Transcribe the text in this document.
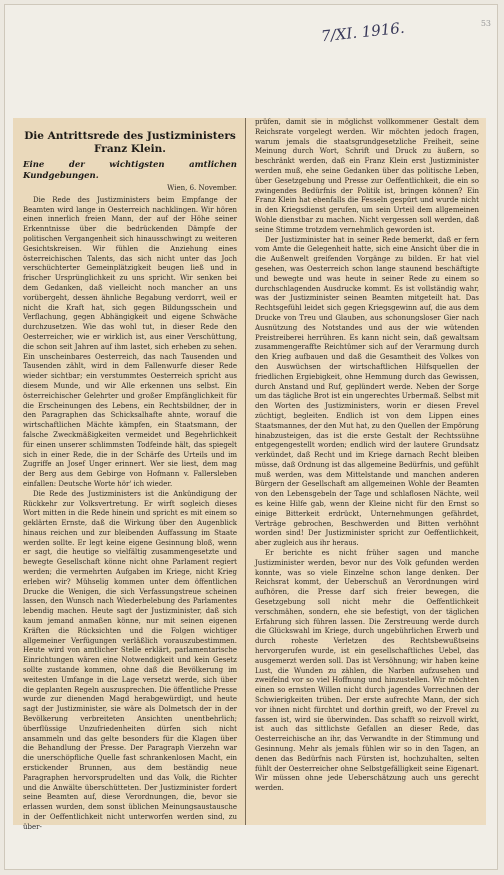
7/XI. 1916.	53
Die Antrittsrede des Justizministers
Franz Klein.
Eine der wichtigsten amtlichen Kundgebungen.
Wien, 6. November.

Die Rede des Justizministers beim Empfange der Beamten wird lange in Oesterreich nachklingen. Wir hören einen innerlich freien Mann, der auf der Höhe seiner Erkenntnisse über die bedrückenden Dämpfe der politischen Vergangenheit sich hinausschwingt zu weiteren Gesichtskreisen. Wir fühlen die Anziehung eines österreichischen Talents, das sich nicht unter das Joch verschüchterter Gemeinplätzigkeit beugen ließ und in frischer Ursprünglichkeit zu uns spricht. Wir senken bei dem Gedanken, daß vielleicht noch mancher an uns vorübergeht, dessen ähnliche Begabung verdorrt, weil er nicht die Kraft hat, sich gegen Bildungsschein und Verflachung, gegen Abhängigkeit und eigene Schwäche durchzusetzen. Wie das wohl tut, in dieser Rede den Oesterreicher, wie er wirklich ist, aus einer Verschüttung, die schon seit Jahren auf ihm lastet, sich erheben zu sehen. Ein unscheinbares Oesterreich, das nach Tausenden und Tausenden zählt, wird in dem Fallenwurfe dieser Rede wieder sichtbar; ein verstummtes Oesterreich spricht aus diesem Munde, und wir Alle erkennen uns selbst. Ein österreichischer Gelehrter und großer Empfänglichkeit für die Erscheinungen des Lebens, ein Rechtsbildner, der in den Paragraphen das Schicksalhafte ahnte, worauf die wirtschaftlichen Mächte kämpfen, ein Staatsmann, der falsche Zweckmäßigkeiten vermeidet und Begehrlichkeit für einen unserer schlimmsten Todfeinde hält, das spiegelt sich in einer Rede, die in der Schärfe des Urteils und im Zugriffe an Josef Unger erinnert. Wer sie liest, dem mag der Berg aus dem Gebirge von Hofmann v. Fallersleben einfallen: Deutsche Worte hör' ich wieder.

Die Rede des Justizministers ist die Ankündigung der Rückkehr zur Volksvertretung. Er wirft sogleich dieses Wort mitten in die Rede hinein und spricht es mit einem so geklärten Ernste, daß die Wirkung über den Augenblick hinaus reichen und zur bleibenden Auffassung im Staate werden sollte. Er legt keine eigene Gesinnung bloß, wenn er sagt, die heutige so vielfältig zusammengesetzte und bewegte Gesellschaft könne nicht ohne Parlament regiert werden; die vermehrten Aufgaben im Kriege, nicht Krieg erleben wir? Mühselig kommen unter dem öffentlichen Drucke die Wenigen, die sich Verfassungstreue scheinen lassen, den Wunsch nach Wiederbelebung des Parlamentes lebendig machen. Heute sagt der Justizminister, daß sich kaum jemand anmaßen könne, nur mit seinen eigenen Kräften die Rücksichten und die Folgen wichtiger allgemeiner Verfügungen verläßlich vorauszubestimmen. Heute wird von amtlicher Stelle erklärt, parlamentarische Einrichtungen wären eine Notwendigkeit und kein Gesetz sollte zustande kommen, ohne daß die Bevölkerung im weitesten Umfange in die Lage versetzt werde, sich über die geplanten Regeln auszusprechen. Die öffentliche Presse wurde zur dienenden Magd herabgewürdigt, und heute sagt der Justizminister, sie wäre als Dolmetsch der in der Bevölkerung verbreiteten Ansichten unentbehrlich; überflüssige Unzufriedenheiten dürfen sich nicht ansammeln und das gelte besonders für die Klagen über die Behandlung der Presse. Der Paragraph Vierzehn war die unerschöpfliche Quelle fast schrankenlosen Macht, ein erstickender Brunnen, aus dem beständig neue Paragraphen hervorsprudelten und das Volk, die Richter und die Anwälte überschütteten. Der Justizminister fordert seine Beamten auf, diese Verordnungen, die, bevor sie erlassen wurden, dem sonst üblichen Meinungsaustausche in der Oeffentlichkeit nicht unterworfen werden sind, zu über-

prüfen, damit sie in möglichst vollkommener Gestalt dem Reichsrate vorgelegt werden. Wir möchten jedoch fragen, warum jemals die staatsgrundgesetzliche Freiheit, seine Meinung durch Wort, Schrift und Druck zu äußern, so beschränkt werden, daß ein Franz Klein erst Justizminister werden muß, ehe seine Gedanken über das politische Leben, über Gesetzgebung und Presse zur Oeffentlichkeit, die ein so zwingendes Bedürfnis der Politik ist, bringen können? Ein Franz Klein hat ebenfalls die Fesseln gespürt und wurde nicht in den Kriegsdienst gerufen, um sein Urteil dem allgemeinen Wohle dienstbar zu machen. Nicht vergessen soll werden, daß seine Stimme trotzdem vernehmlich geworden ist.

Der Justizminister hat in seiner Rede bemerkt, daß er fern vom Amte die Gelegenheit hatte, sich eine Ansicht über die in die Außenwelt greifenden Vorgänge zu bilden. Er hat viel gesehen, was Oesterreich schon lange staunend beschäftigte und bewegte und was heute in seiner Rede zu einem so durchschlagenden Ausdrucke kommt. Es ist vollständig wahr, was der Justizminister seinen Beamten mitgeteilt hat. Das Rechtsgefühl leidet sich gegen Kriegsgewinn auf, die aus dem Drucke von Treu und Glauben, aus schonungsloser Gier nach Ausnützung des Notstandes und aus der wie wütenden Preistreiberei herrühren. Es kann nicht sein, daß gewaltsam zusammengeraffte Reichtümer sich auf der Verarmung durch den Krieg aufbauen und daß die Gesamtheit des Volkes von den Auswüchsen der wirtschaftlichen Hilfsquellen der friedlichen Ergiebigkeit, ohne Hemmung durch das Gewissen, durch Anstand und Ruf, geplündert werde. Neben der Sorge um das tägliche Brot ist ein ungerechtes Urbermaß. Selbst mit den Worten des Justizministers, worin er diesen Frevel züchtigt, begleiten. Endlich ist von dem Lippen eines Staatsmannes, der den Mut hat, zu den Quellen der Empörung hinabzusteigen, das ist die erste Gestalt der Rechtssühne entgegengestellt worden; endlich wird der lautere Grundsatz verkündet, daß Recht und im Kriege darnach Recht bleiben müsse, daß Ordnung ist das allgemeine Bedürfnis, und gefühlt muß werden, was dem Mittelstande und manchen anderen Bürgern der Gesellschaft am allgemeinen Wohle der Beamten von den Lebensgebeln der Tage und schlaflosen Nächte, weil es keine Hilfe gab, wenn der Kleine nicht für den Ernst so einige Bitterkeit erdrückt, Unternehmungen gefährdet, Verträge gebrochen, Beschwerden und Bitten verhöhnt worden sind! Der Justizminister spricht zur Oeffentlichkeit, aber zugleich aus ihr heraus.

Er berichte es nicht früher sagen und manche Justizminister werden, bevor nur des Volk gefunden werden konnte, was so viele Einzelne schon lange denken. Der Reichsrat kommt, der Ueberschuß an Verordnungen wird aufhören, die Presse darf sich freier bewegen, die Gesetzgebung soll nicht mehr die Oeffentlichkeit verschmähen, sondern, ehe sie befestigt, von der täglichen Erfahrung sich führen lassen. Die Zerstreuung werde durch die Glückswahl im Kriege, durch ungebührlichen Erwerb und durch roheste Verletzen des Rechtsbewußtseins hervorgerufen wurde, ist ein gesellschaftliches Uebel, das ausgemerzt werden soll. Das ist Versöhnung; wir haben keine Lust, die Wunden zu zählen, die Narben aufzusehen und zweifelnd vor so viel Hoffnung und hinzustellen. Wir möchten einen so ernsten Willen nicht durch jagendes Vorrechnen der Schwierigkeiten trüben. Der erste aufrechte Mann, der sich vor ihnen nicht fürchtet und dorthin greift, wo der Frevel zu fassen ist, wird sie überwinden. Das schafft so reizvoll wirkt, ist auch das sittlichste Gefallen an dieser Rede, das Oesterreichische an ihr, das Verwandte in der Stimmung und Gesinnung. Mehr als jemals fühlen wir so in den Tagen, an denen das Bedürfnis nach Fürsten ist, hochzuhalten, selten fühlt der Oesterreicher ohne Selbstgefälligkeit seine Eigenart. Wir müssen ohne jede Ueberschätzung auch uns gerecht werden.
